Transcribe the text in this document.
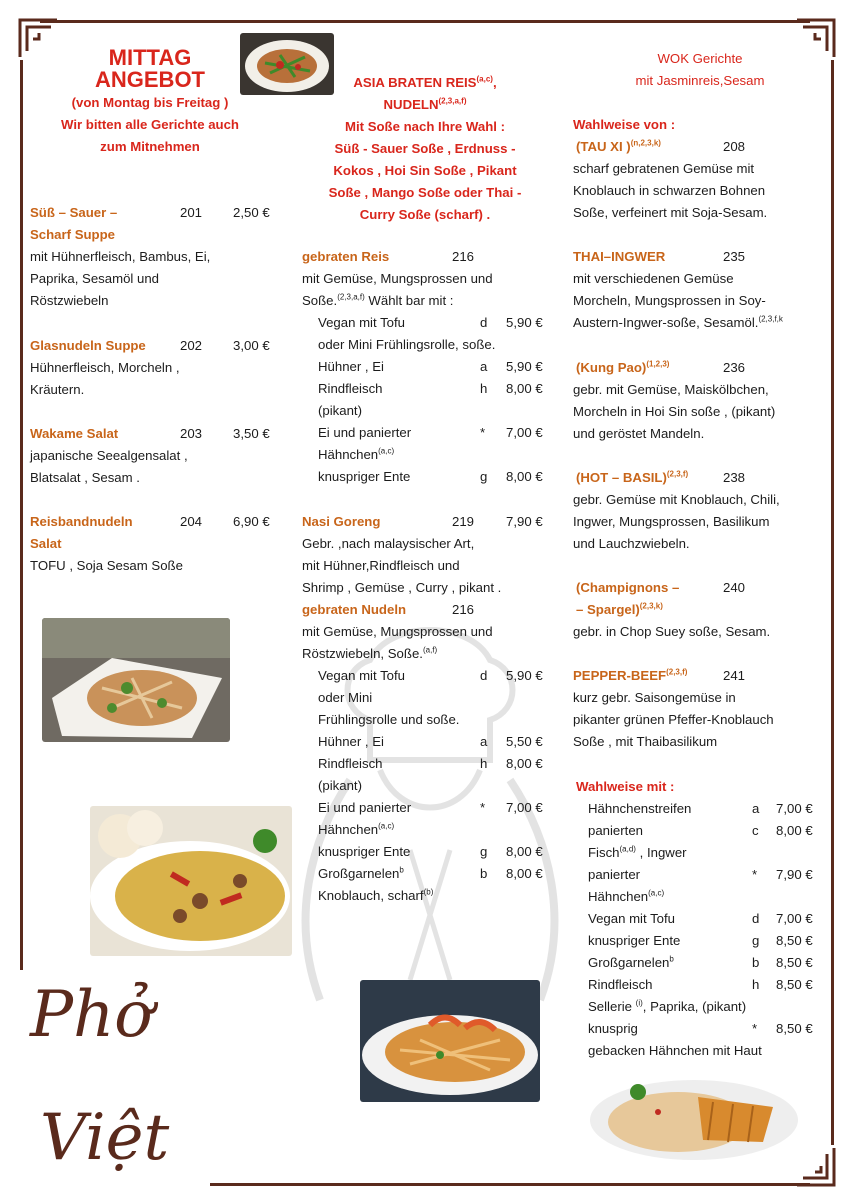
MITTAG
ANGEBOT
(von Montag bis Freitag )
Wir bitten alle Gerichte auch
zum Mitnehmen
ASIA BRATEN REIS$^{(a,c)}$,
NUDELN$^{(2,3,a,f)}$
Mit Soße nach Ihre Wahl :
Süß - Sauer Soße , Erdnuss -
Kokos , Hoi Sin Soße , Pikant
Soße , Mango Soße oder Thai -
Curry Soße (scharf) .
WOK Gerichte
mit Jasminreis,Sesam
Süß – Sauer –
Scharf Suppe
201 2,50 €
mit Hühnerfleisch, Bambus, Ei,
Paprika, Sesamöl und
Röstzwiebeln
Glasnudeln Suppe	202 3,00 €
Hühnerfleisch, Morcheln ,
Kräutern.
Wakame Salat	203 3,50 €
japanische Seealgensalat ,
Blatsalat , Sesam .
Reisbandnudeln
Salat
204 6,90 €
TOFU , Soja Sesam Soße
gebraten Reis	216
mit Gemüse, Mungsprossen und
Soße.$^{(2,3,a,f)}$ Wählt bar mit :
Vegan mit Tofu	d 5,90 €
oder Mini Frühlingsrolle, soße.
Hühner , Ei	a 5,90 €
Rindfleisch	h 8,00 €
(pikant)
Ei und panierter	* 7,00 €
Hähnchen$^{(a,c)}$
knuspriger Ente	g 8,00 €
Nasi Goreng	219 7,90 €
Gebr. ,nach malaysischer Art,
mit Hühner,Rindfleisch und
Shrimp , Gemüse , Curry , pikant .
gebraten Nudeln	216
mit Gemüse, Mungsprossen und
Röstzwiebeln, Soße.$^{(a,f)}$
Vegan mit Tofu	d 5,90 €
oder Mini
Frühlingsrolle und soße.
Hühner , Ei	a 5,50 €
Rindfleisch	h 8,00 €
(pikant)
Ei und panierter	* 7,00 €
Hähnchen$^{(a,c)}$
knuspriger Ente	g 8,00 €
Großgarnelen$^b$	b 8,00 €
Knoblauch, scharf$^{(b)}$
Wahlweise von :
(TAU XI )$^{(n,2,3,k)}$	208
scharf gebratenen Gemüse mit
Knoblauch in schwarzen Bohnen
Soße, verfeinert mit Soja-Sesam.
THAI–INGWER	235
mit verschiedenen Gemüse
Morcheln, Mungsprossen in Soy-
Austern-Ingwer-soße, Sesamöl.$^{(2,3,f,k}$
(Kung Pao)$^{(1,2,3)}$	236
gebr. mit Gemüse, Maiskölbchen,
Morcheln in Hoi Sin soße , (pikant)
und geröstet Mandeln.
(HOT – BASIL)$^{(2,3,f)}$	238
gebr. Gemüse mit Knoblauch, Chili,
Ingwer, Mungsprossen, Basilikum
und Lauchzwiebeln.
(Champignons –
– Spargel)$^{(2,3,k)}$
240
gebr. in Chop Suey soße, Sesam.
PEPPER-BEEF$^{(2,3,f)}$	241
kurz gebr. Saisongemüse in
pikanter grünen Pfeffer-Knoblauch
Soße , mit Thaibasilikum
Wahlweise mit :
Hähnchenstreifen	a 7,00 €
panierten	c 8,00 €
Fisch$^{(a,d)}$ , Ingwer
panierter	* 7,90 €
Hähnchen$^{(a,c)}$
Vegan mit Tofu	d 7,00 €
knuspriger Ente	g 8,50 €
Großgarnelen$^b$	b 8,50 €
Rindfleisch	h 8,50 €
Sellerie $^{(i)}$, Paprika, (pikant)
knusprig	* 8,50 €
gebacken Hähnchen mit Haut
Phở
Việt
